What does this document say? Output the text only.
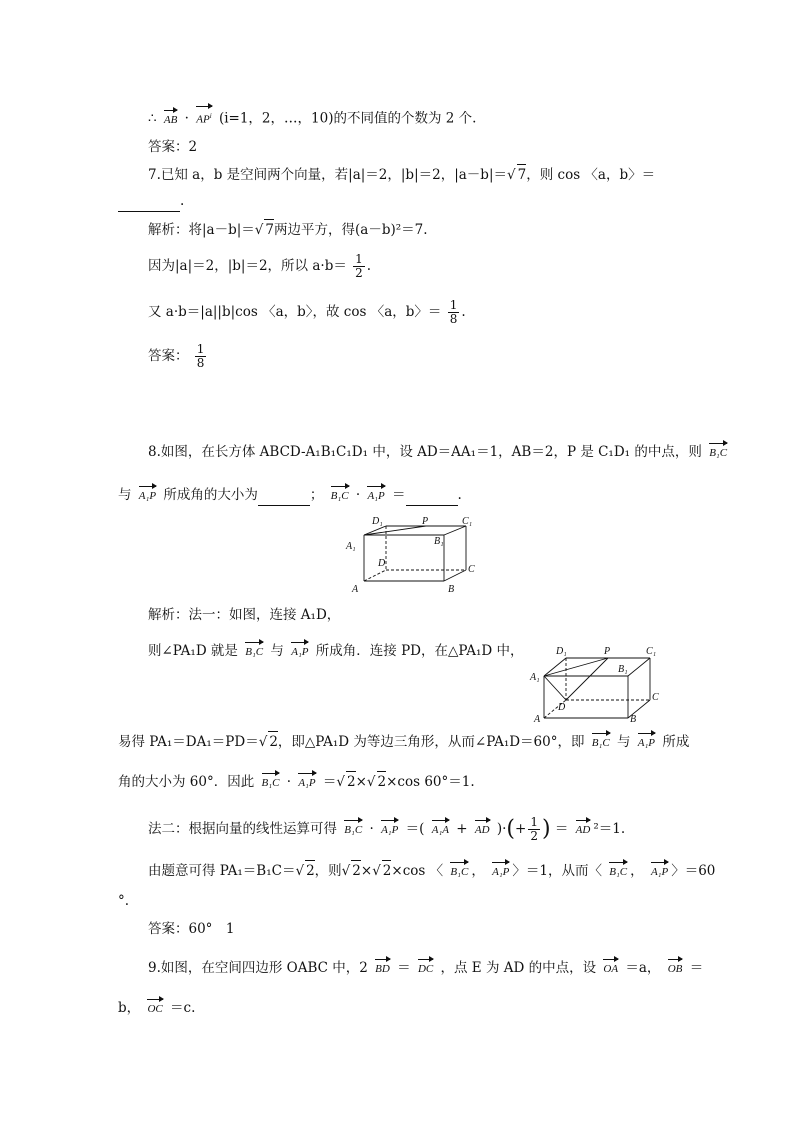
∴ AB · $AP^i$ (i=1，2，…，10)的不同值的个数为 2 个.
答案：2
7.已知 a，b 是空间两个向量，若|a|＝2，|b|＝2，|a－b|＝√ 7，则 cos 〈a，b〉＝
.
解析：将|a－b|＝√ 7两边平方，得(a－b)²＝7.
因为|a|＝2，|b|＝2，所以 $a\cdot b= \frac{1}{2}$ .
又 a·b＝|a||b|cos 〈a，b〉，故 cos 〈a，b〉＝ $\frac{1}{8}$ .
答案： $\frac{1}{8}$
8.如图，在长方体 ABCD-A₁B₁C₁D₁ 中，设 AD＝AA₁＝1，AB＝2，P 是 C₁D₁ 的中点，则 B₁C
与 A₁P 所成角的大小为	； B₁C · A₁P ＝	.
D₁	P	C₁
A₁	B₁
D
C
A	B
解析：法一：如图，连接 A₁D，
则∠PA₁D 就是 B₁C 与 A₁P 所成角．连接 PD，在△PA₁D 中，	D₁	P	C₁
A₁
B₁
D
C
A	B
易得 PA₁＝DA₁＝PD＝√ 2，即△PA₁D 为等边三角形，从而∠PA₁D＝60°，即 B₁C 与 A₁P 所成
角的大小为 60°．因此 B₁C · A₁P ＝√ 2×√ 2×cos 60°＝1.
法二：根据向量的线性运算可得 B₁C · A₁P ＝( A₁A + AD )·(+ $\frac{1}{2}$ ) ＝ AD ²＝1.
由题意可得 PA₁＝B₁C＝√ 2，则√ 2×√ 2×cos 〈 B₁C ， A₁P 〉＝1，从而〈 B₁C ， A₁P 〉＝60
°.
答案：60°　1
9.如图，在空间四边形 OABC 中，2 BD ＝ DC ，点 E 为 AD 的中点，设 OA ＝a， OB ＝
b， OC ＝c.
